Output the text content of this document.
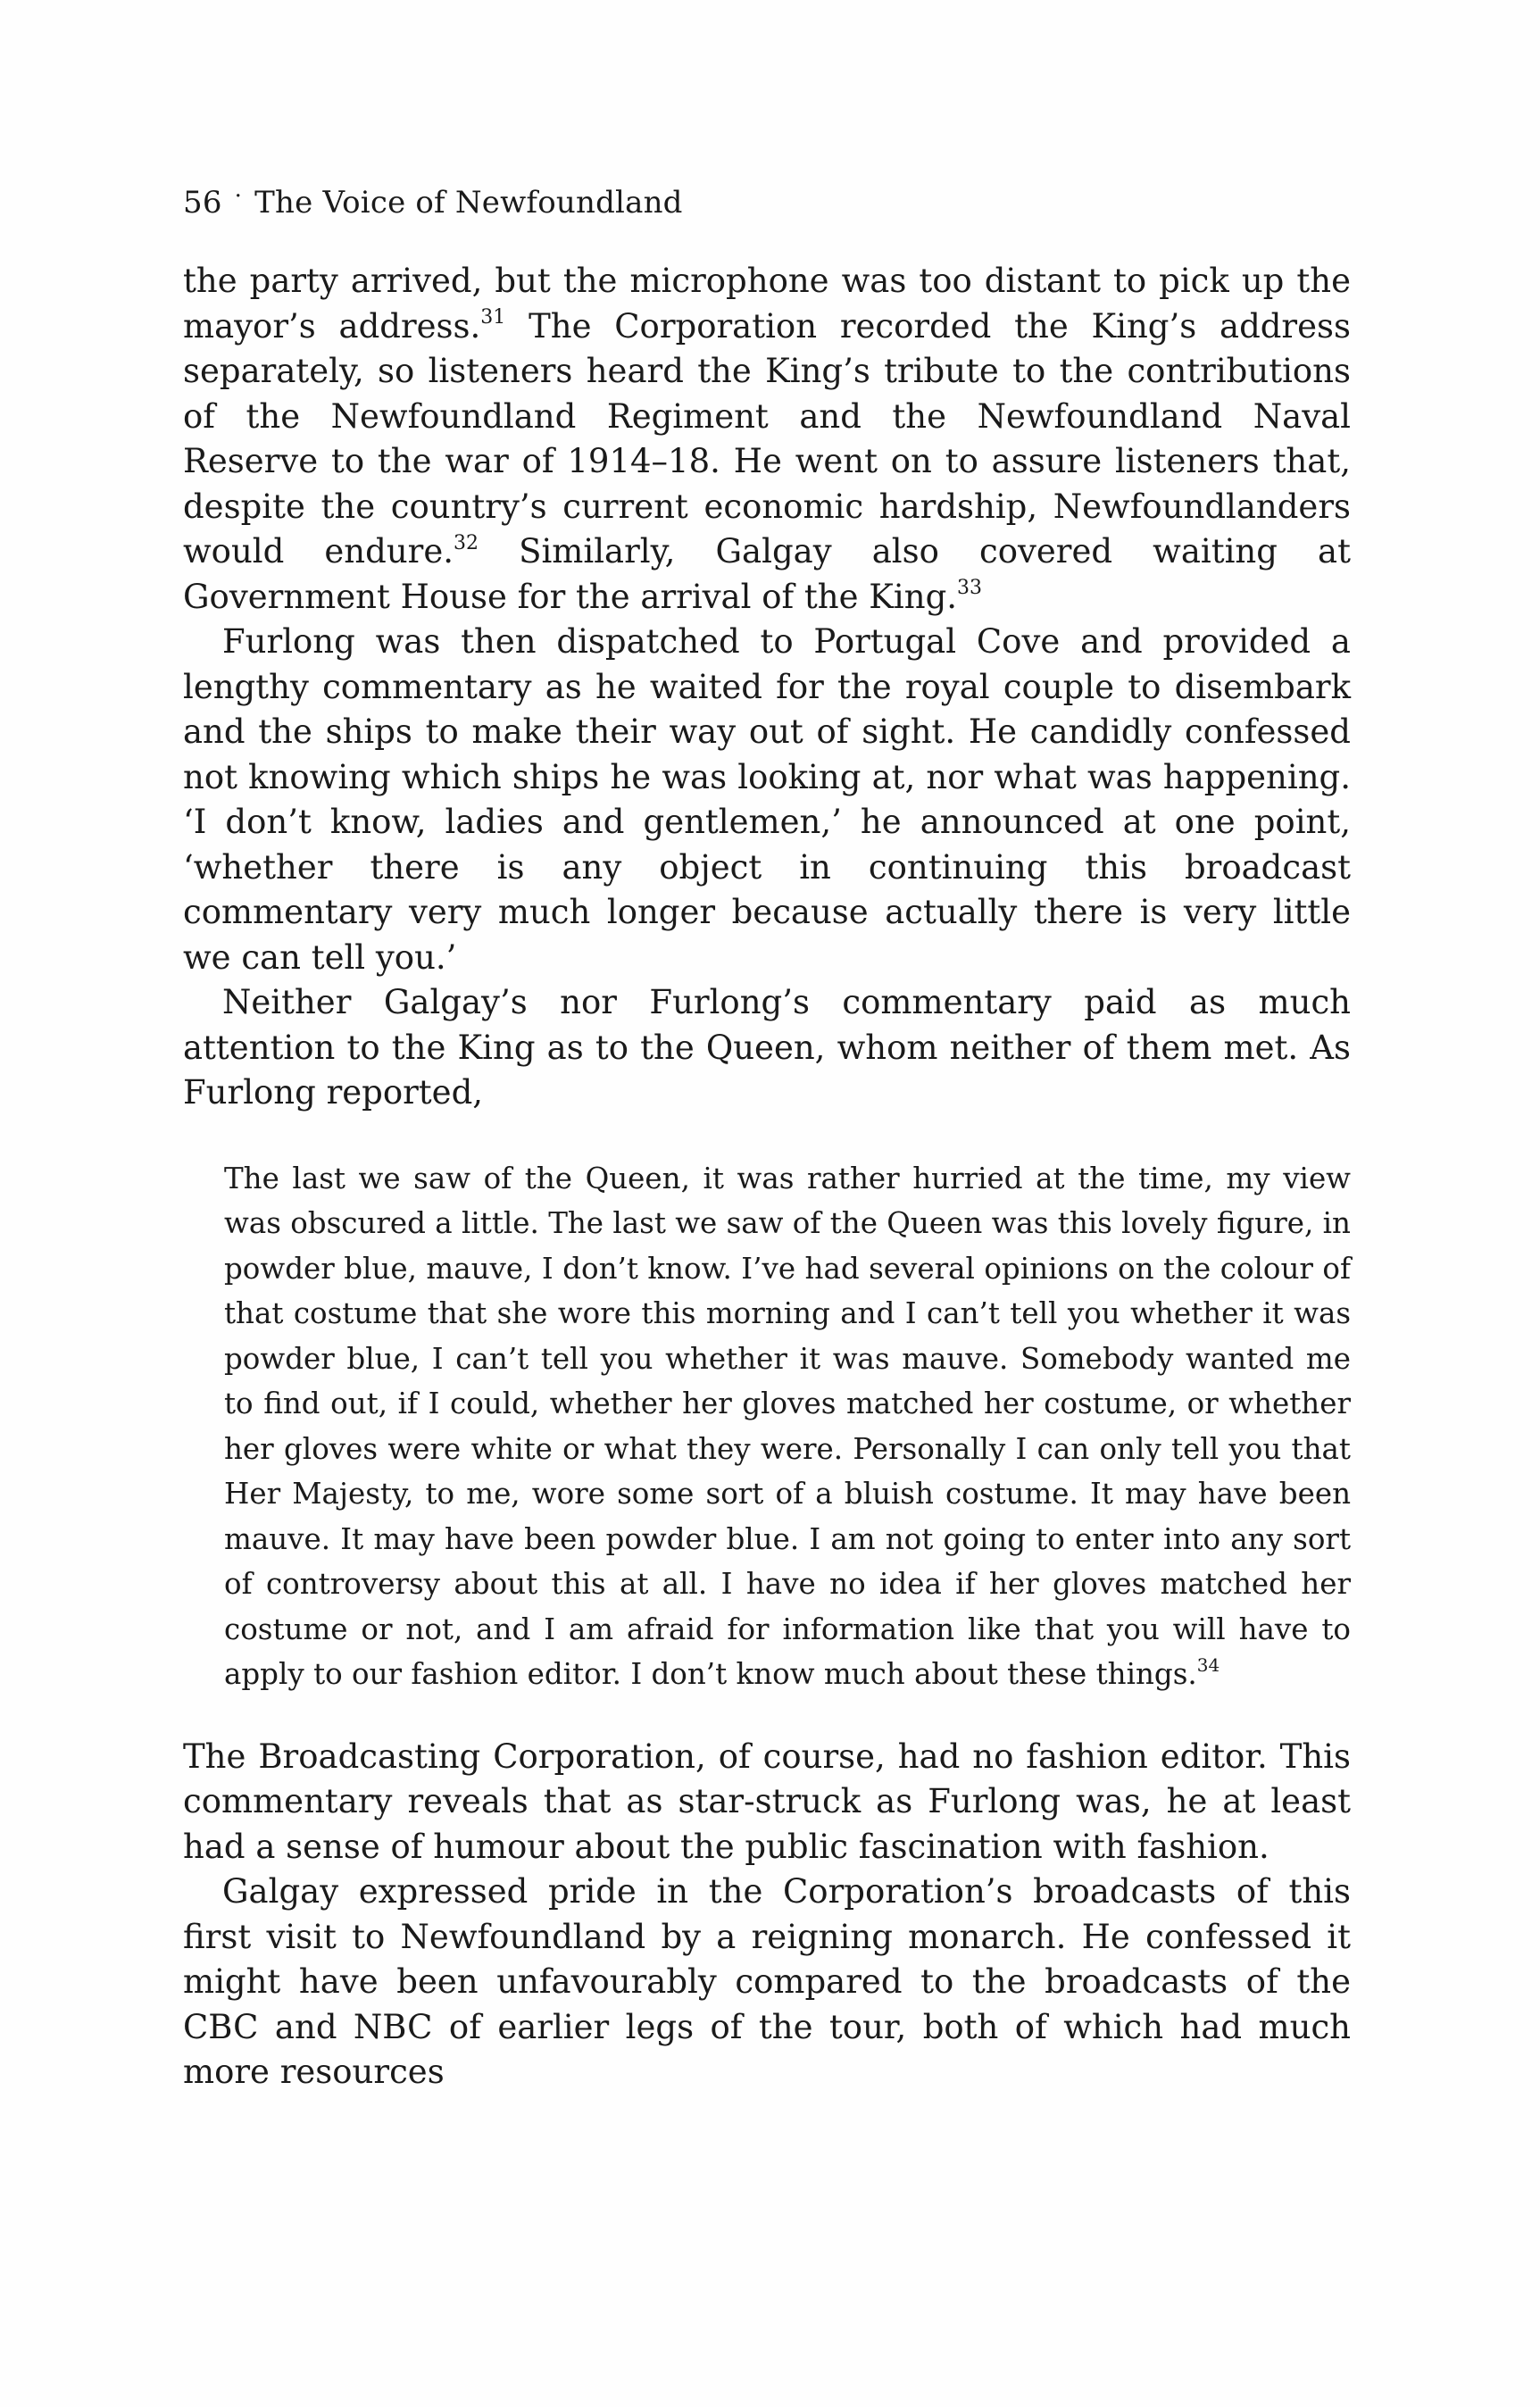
56 · The Voice of Newfoundland

the party arrived, but the microphone was too distant to pick up the mayor’s address.$^{31}$ The Corporation recorded the King’s address separately, so listeners heard the King’s tribute to the contributions of the Newfoundland Regiment and the Newfoundland Naval Reserve to the war of 1914–18. He went on to assure listeners that, despite the country’s current economic hardship, Newfoundlanders would endure.$^{32}$ Similarly, Galgay also covered waiting at Government House for the arrival of the King.$^{33}$

Furlong was then dispatched to Portugal Cove and provided a lengthy commentary as he waited for the royal couple to disembark and the ships to make their way out of sight. He candidly confessed not knowing which ships he was looking at, nor what was happening. ‘I don’t know, ladies and gentlemen,’ he announced at one point, ‘whether there is any object in continuing this broadcast commentary very much longer because actually there is very little we can tell you.’

Neither Galgay’s nor Furlong’s commentary paid as much attention to the King as to the Queen, whom neither of them met. As Furlong reported,

The last we saw of the Queen, it was rather hurried at the time, my view was obscured a little. The last we saw of the Queen was this lovely figure, in powder blue, mauve, I don’t know. I’ve had several opinions on the colour of that costume that she wore this morning and I can’t tell you whether it was powder blue, I can’t tell you whether it was mauve. Somebody wanted me to find out, if I could, whether her gloves matched her costume, or whether her gloves were white or what they were. Personally I can only tell you that Her Majesty, to me, wore some sort of a bluish costume. It may have been mauve. It may have been powder blue. I am not going to enter into any sort of controversy about this at all. I have no idea if her gloves matched her costume or not, and I am afraid for information like that you will have to apply to our fashion editor. I don’t know much about these things.$^{34}$

The Broadcasting Corporation, of course, had no fashion editor. This commentary reveals that as star-struck as Furlong was, he at least had a sense of humour about the public fascination with fashion.

Galgay expressed pride in the Corporation’s broadcasts of this first visit to Newfoundland by a reigning monarch. He confessed it might have been unfavourably compared to the broadcasts of the CBC and NBC of earlier legs of the tour, both of which had much more resources
